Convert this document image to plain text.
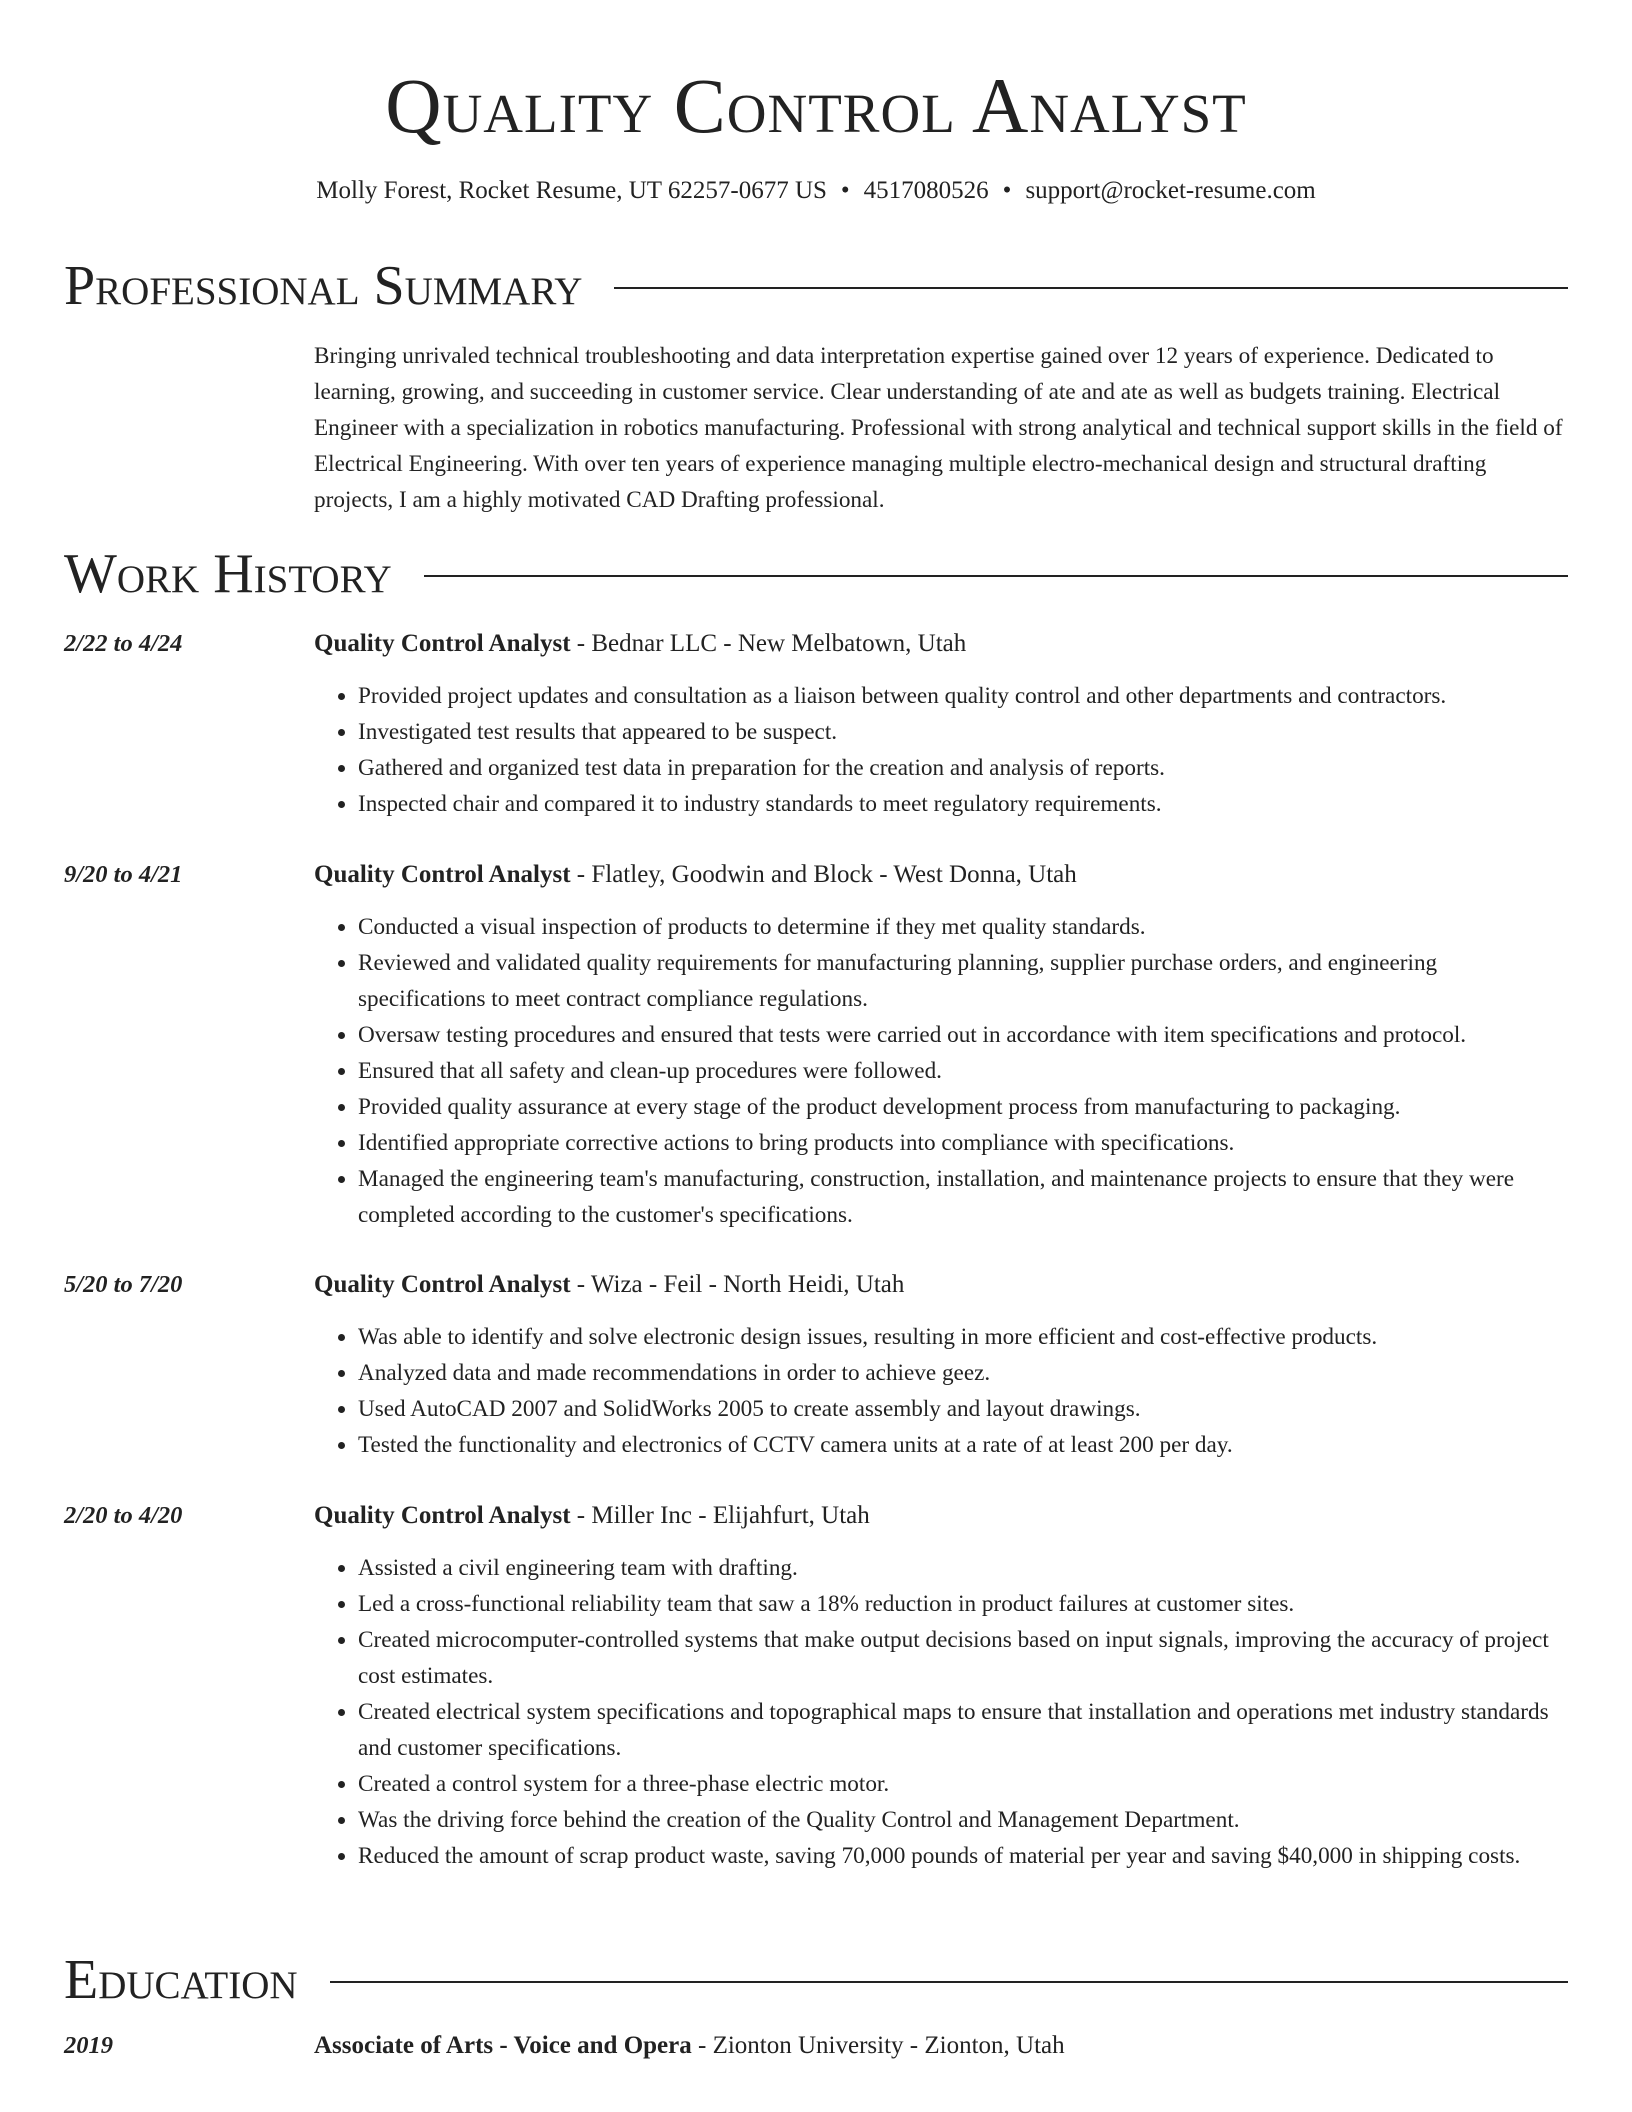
Quality Control Analyst
Molly Forest, Rocket Resume, UT 62257-0677 US • 4517080526 • support@rocket-resume.com
Professional Summary

Bringing unrivaled technical troubleshooting and data interpretation expertise gained over 12 years of experience. Dedicated to learning, growing, and succeeding in customer service. Clear understanding of ate and ate as well as budgets training. Electrical Engineer with a specialization in robotics manufacturing. Professional with strong analytical and technical support skills in the field of Electrical Engineering. With over ten years of experience managing multiple electro-mechanical design and structural drafting projects, I am a highly motivated CAD Drafting professional.

Work History
2/22 to 4/24	Quality Control Analyst - Bednar LLC - New Melbatown, Utah
• Provided project updates and consultation as a liaison between quality control and other departments and contractors.
• Investigated test results that appeared to be suspect.
• Gathered and organized test data in preparation for the creation and analysis of reports.
• Inspected chair and compared it to industry standards to meet regulatory requirements.
9/20 to 4/21	Quality Control Analyst - Flatley, Goodwin and Block - West Donna, Utah
• Conducted a visual inspection of products to determine if they met quality standards.
• Reviewed and validated quality requirements for manufacturing planning, supplier purchase orders, and engineering specifications to meet contract compliance regulations.
• Oversaw testing procedures and ensured that tests were carried out in accordance with item specifications and protocol.
• Ensured that all safety and clean-up procedures were followed.
• Provided quality assurance at every stage of the product development process from manufacturing to packaging.
• Identified appropriate corrective actions to bring products into compliance with specifications.
• Managed the engineering team's manufacturing, construction, installation, and maintenance projects to ensure that they were completed according to the customer's specifications.
5/20 to 7/20	Quality Control Analyst - Wiza - Feil - North Heidi, Utah
• Was able to identify and solve electronic design issues, resulting in more efficient and cost-effective products.
• Analyzed data and made recommendations in order to achieve geez.
• Used AutoCAD 2007 and SolidWorks 2005 to create assembly and layout drawings.
• Tested the functionality and electronics of CCTV camera units at a rate of at least 200 per day.
2/20 to 4/20	Quality Control Analyst - Miller Inc - Elijahfurt, Utah
• Assisted a civil engineering team with drafting.
• Led a cross-functional reliability team that saw a 18% reduction in product failures at customer sites.
• Created microcomputer-controlled systems that make output decisions based on input signals, improving the accuracy of project cost estimates.
• Created electrical system specifications and topographical maps to ensure that installation and operations met industry standards and customer specifications.
• Created a control system for a three-phase electric motor.
• Was the driving force behind the creation of the Quality Control and Management Department.
• Reduced the amount of scrap product waste, saving 70,000 pounds of material per year and saving $40,000 in shipping costs.
Education
2019	Associate of Arts - Voice and Opera - Zionton University - Zionton, Utah
